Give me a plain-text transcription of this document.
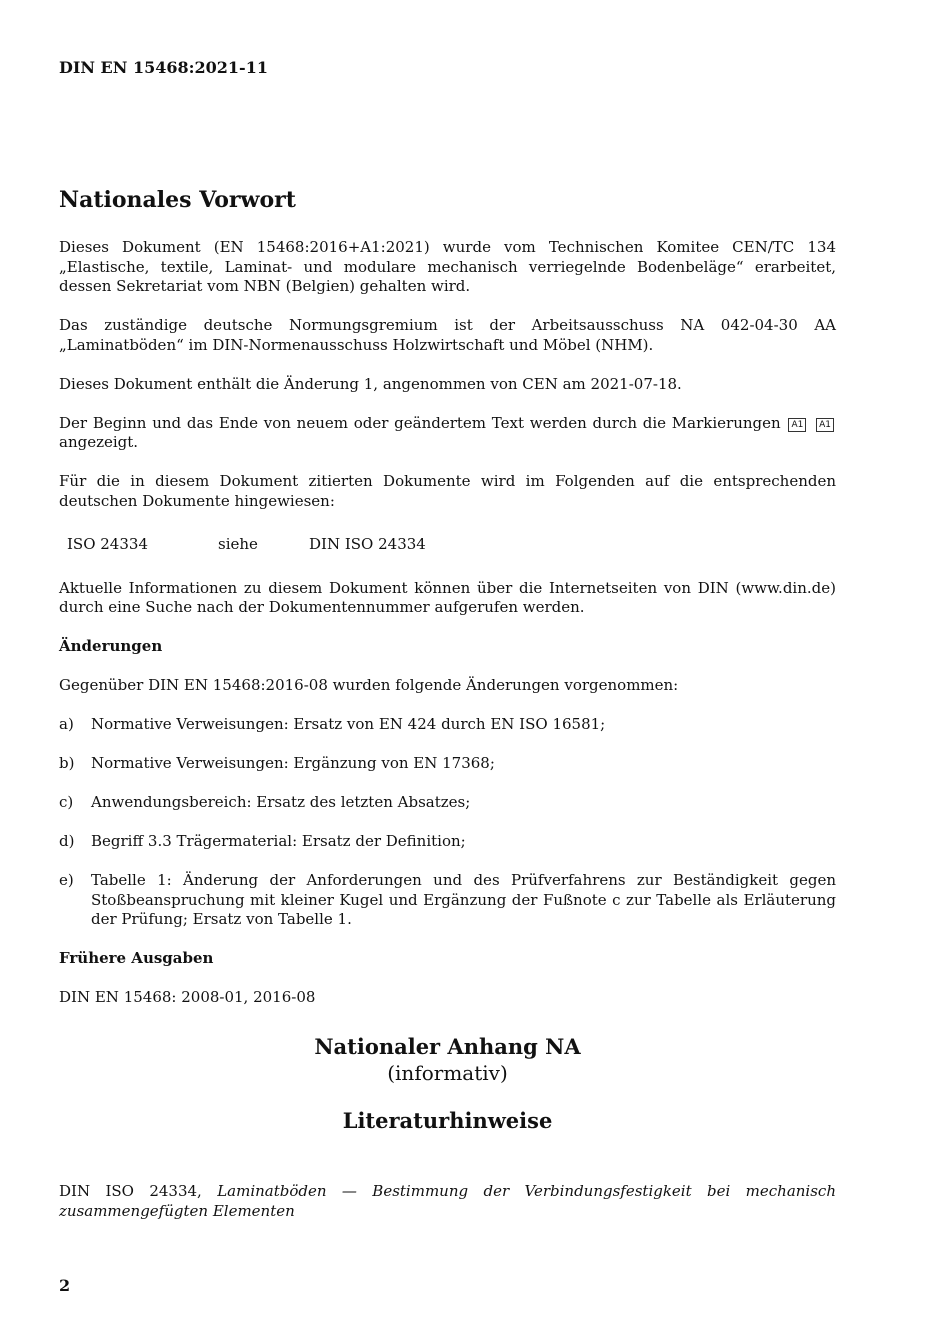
DIN EN 15468:2021-11
Nationales Vorwort

Dieses Dokument (EN 15468:2016+A1:2021) wurde vom Technischen Komitee CEN/TC 134 „Elastische, textile, Laminat- und modulare mechanisch verriegelnde Bodenbeläge“ erarbeitet, dessen Sekretariat vom NBN (Belgien) gehalten wird.

Das zuständige deutsche Normungsgremium ist der Arbeitsausschuss NA 042-04-30 AA „Laminatböden“ im DIN-Normenausschuss Holzwirtschaft und Möbel (NHM).

Dieses Dokument enthält die Änderung 1, angenommen von CEN am 2021-07-18.

Der Beginn und das Ende von neuem oder geändertem Text werden durch die Markierungen A1 A1 angezeigt.

Für die in diesem Dokument zitierten Dokumente wird im Folgenden auf die entsprechenden deutschen Dokumente hingewiesen:

ISO 24334	siehe	DIN ISO 24334

Aktuelle Informationen zu diesem Dokument können über die Internetseiten von DIN (www.din.de) durch eine Suche nach der Dokumentennummer aufgerufen werden.

Änderungen

Gegenüber DIN EN 15468:2016-08 wurden folgende Änderungen vorgenommen:

a)	Normative Verweisungen: Ersatz von EN 424 durch EN ISO 16581;
b)	Normative Verweisungen: Ergänzung von EN 17368;
c)	Anwendungsbereich: Ersatz des letzten Absatzes;
d)	Begriff 3.3 Trägermaterial: Ersatz der Definition;
e)	Tabelle 1: Änderung der Anforderungen und des Prüfverfahrens zur Beständigkeit gegen Stoßbeanspruchung mit kleiner Kugel und Ergänzung der Fußnote c zur Tabelle als Erläuterung der Prüfung; Ersatz von Tabelle 1.
Frühere Ausgaben

DIN EN 15468: 2008-01, 2016-08

Nationaler Anhang NA
(informativ)
Literaturhinweise
DIN ISO 24334, Laminatböden — Bestimmung der Verbindungsfestigkeit bei mechanisch zusammengefügten Elementen
2
